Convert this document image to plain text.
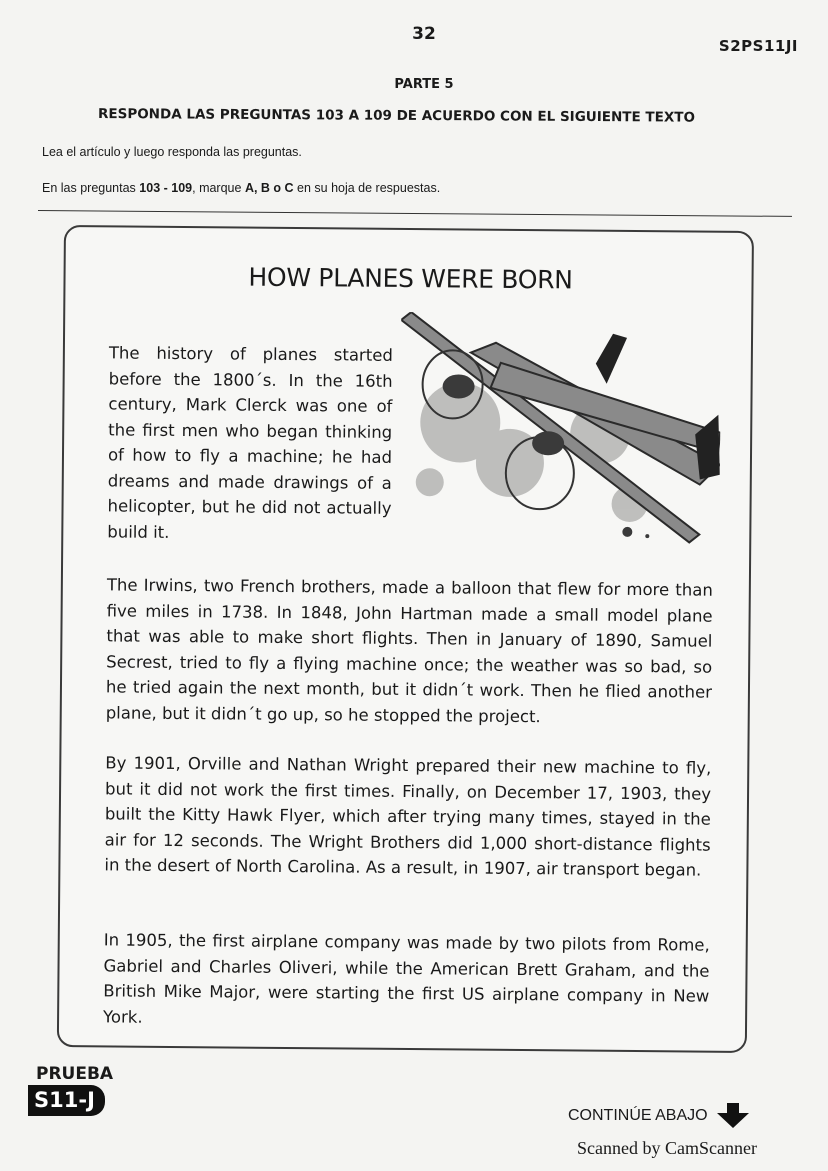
32
S2PS11JI
PARTE 5
RESPONDA LAS PREGUNTAS 103 A 109 DE ACUERDO CON EL SIGUIENTE TEXTO
Lea el artículo y luego responda las preguntas.
En las preguntas 103 - 109, marque A, B o C en su hoja de respuestas.
HOW PLANES WERE BORN

The history of planes started before the 1800´s. In the 16th century, Mark Clerck was one of the first men who began thinking of how to fly a machine; he had dreams and made drawings of a helicopter, but he did not actually build it.

The Irwins, two French brothers, made a balloon that flew for more than five miles in 1738. In 1848, John Hartman made a small model plane that was able to make short flights. Then in January of 1890, Samuel Secrest, tried to fly a flying machine once; the weather was so bad, so he tried again the next month, but it didn´t work. Then he flied another plane, but it didn´t go up, so he stopped the project.

By 1901, Orville and Nathan Wright prepared their new machine to fly, but it did not work the first times. Finally, on December 17, 1903, they built the Kitty Hawk Flyer, which after trying many times, stayed in the air for 12 seconds. The Wright Brothers did 1,000 short-distance flights in the desert of North Carolina. As a result, in 1907, air transport began.

In 1905, the first airplane company was made by two pilots from Rome, Gabriel and Charles Oliveri, while the American Brett Graham, and the British Mike Major, were starting the first US airplane company in New York.

PRUEBA
S11-J
CONTINÚE ABAJO
Scanned by CamScanner
